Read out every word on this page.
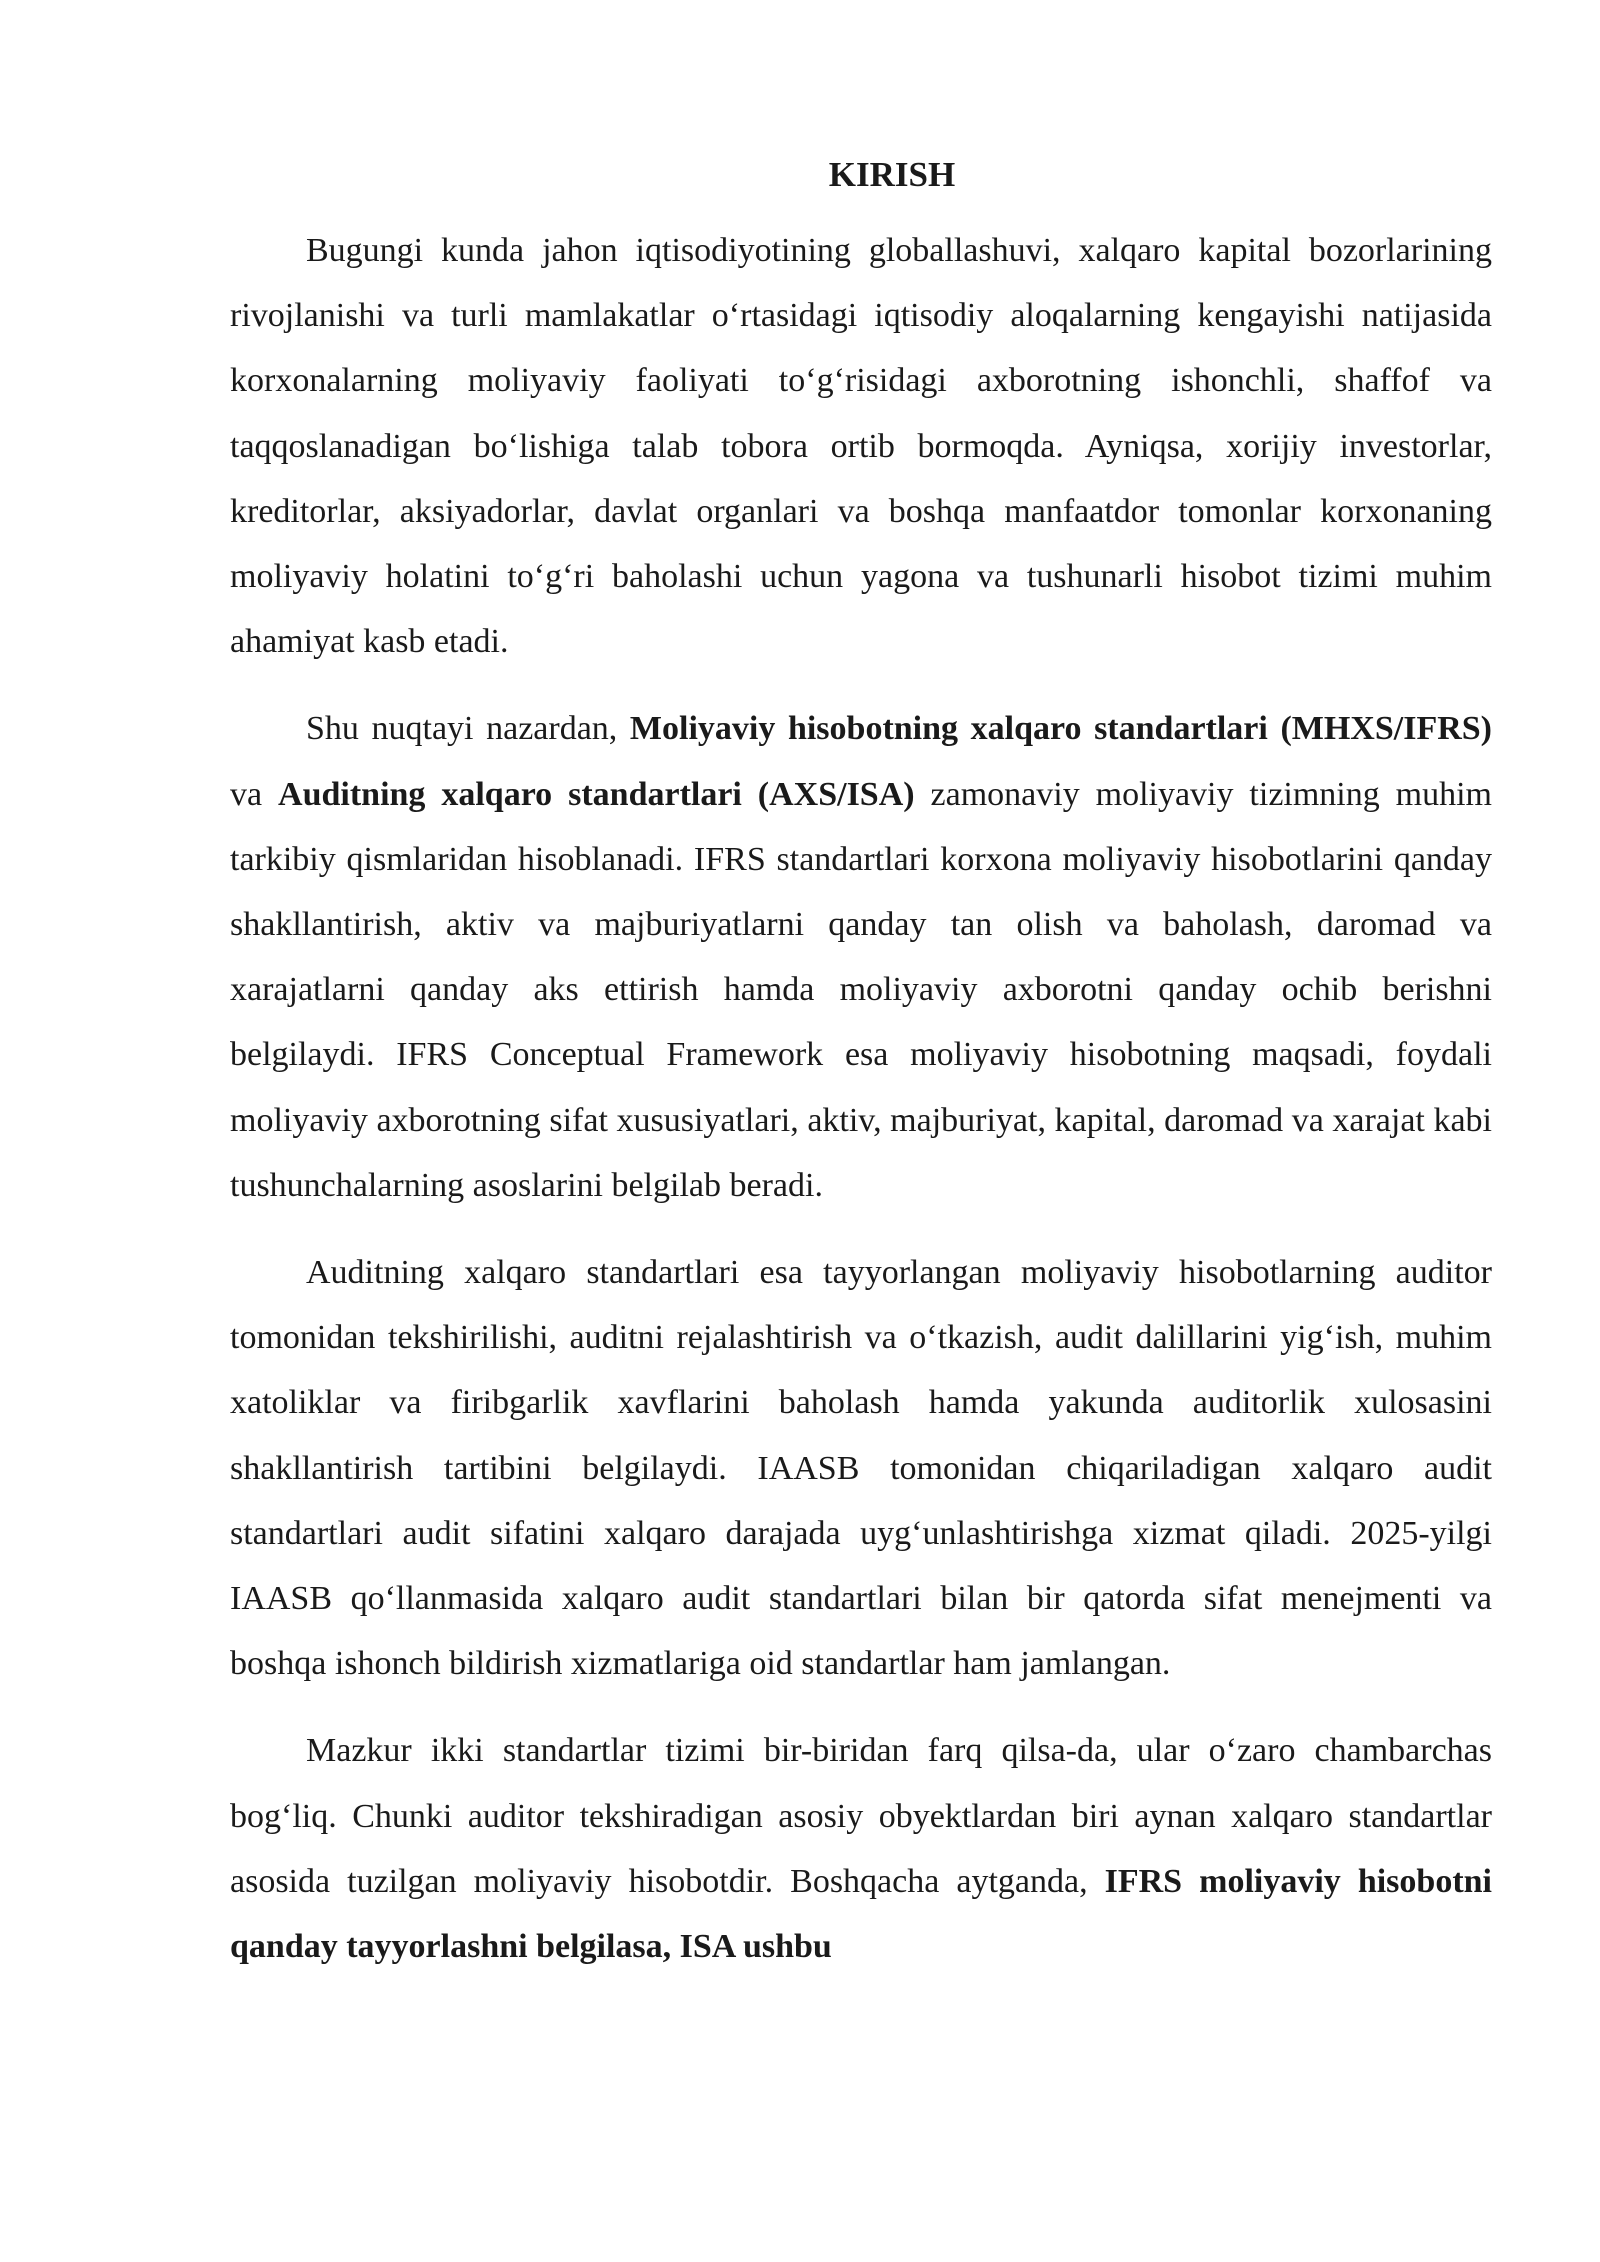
KIRISH

Bugungi kunda jahon iqtisodiyotining globallashuvi, xalqaro kapital bozorlarining rivojlanishi va turli mamlakatlar oʻrtasidagi iqtisodiy aloqalarning kengayishi natijasida korxonalarning moliyaviy faoliyati toʻgʻrisidagi axborotning ishonchli, shaffof va taqqoslanadigan boʻlishiga talab tobora ortib bormoqda. Ayniqsa, xorijiy investorlar, kreditorlar, aksiyadorlar, davlat organlari va boshqa manfaatdor tomonlar korxonaning moliyaviy holatini toʻgʻri baholashi uchun yagona va tushunarli hisobot tizimi muhim ahamiyat kasb etadi.

Shu nuqtayi nazardan, Moliyaviy hisobotning xalqaro standartlari (MHXS/IFRS) va Auditning xalqaro standartlari (AXS/ISA) zamonaviy moliyaviy tizimning muhim tarkibiy qismlaridan hisoblanadi. IFRS standartlari korxona moliyaviy hisobotlarini qanday shakllantirish, aktiv va majburiyatlarni qanday tan olish va baholash, daromad va xarajatlarni qanday aks ettirish hamda moliyaviy axborotni qanday ochib berishni belgilaydi. IFRS Conceptual Framework esa moliyaviy hisobotning maqsadi, foydali moliyaviy axborotning sifat xususiyatlari, aktiv, majburiyat, kapital, daromad va xarajat kabi tushunchalarning asoslarini belgilab beradi.

Auditning xalqaro standartlari esa tayyorlangan moliyaviy hisobotlarning auditor tomonidan tekshirilishi, auditni rejalashtirish va oʻtkazish, audit dalillarini yigʻish, muhim xatoliklar va firibgarlik xavflarini baholash hamda yakunda auditorlik xulosasini shakllantirish tartibini belgilaydi. IAASB tomonidan chiqariladigan xalqaro audit standartlari audit sifatini xalqaro darajada uygʻunlashtirishga xizmat qiladi. 2025-yilgi IAASB qoʻllanmasida xalqaro audit standartlari bilan bir qatorda sifat menejmenti va boshqa ishonch bildirish xizmatlariga oid standartlar ham jamlangan.

Mazkur ikki standartlar tizimi bir-biridan farq qilsa-da, ular oʻzaro chambarchas bogʻliq. Chunki auditor tekshiradigan asosiy obyektlardan biri aynan xalqaro standartlar asosida tuzilgan moliyaviy hisobotdir. Boshqacha aytganda, IFRS moliyaviy hisobotni qanday tayyorlashni belgilasa, ISA ushbu
